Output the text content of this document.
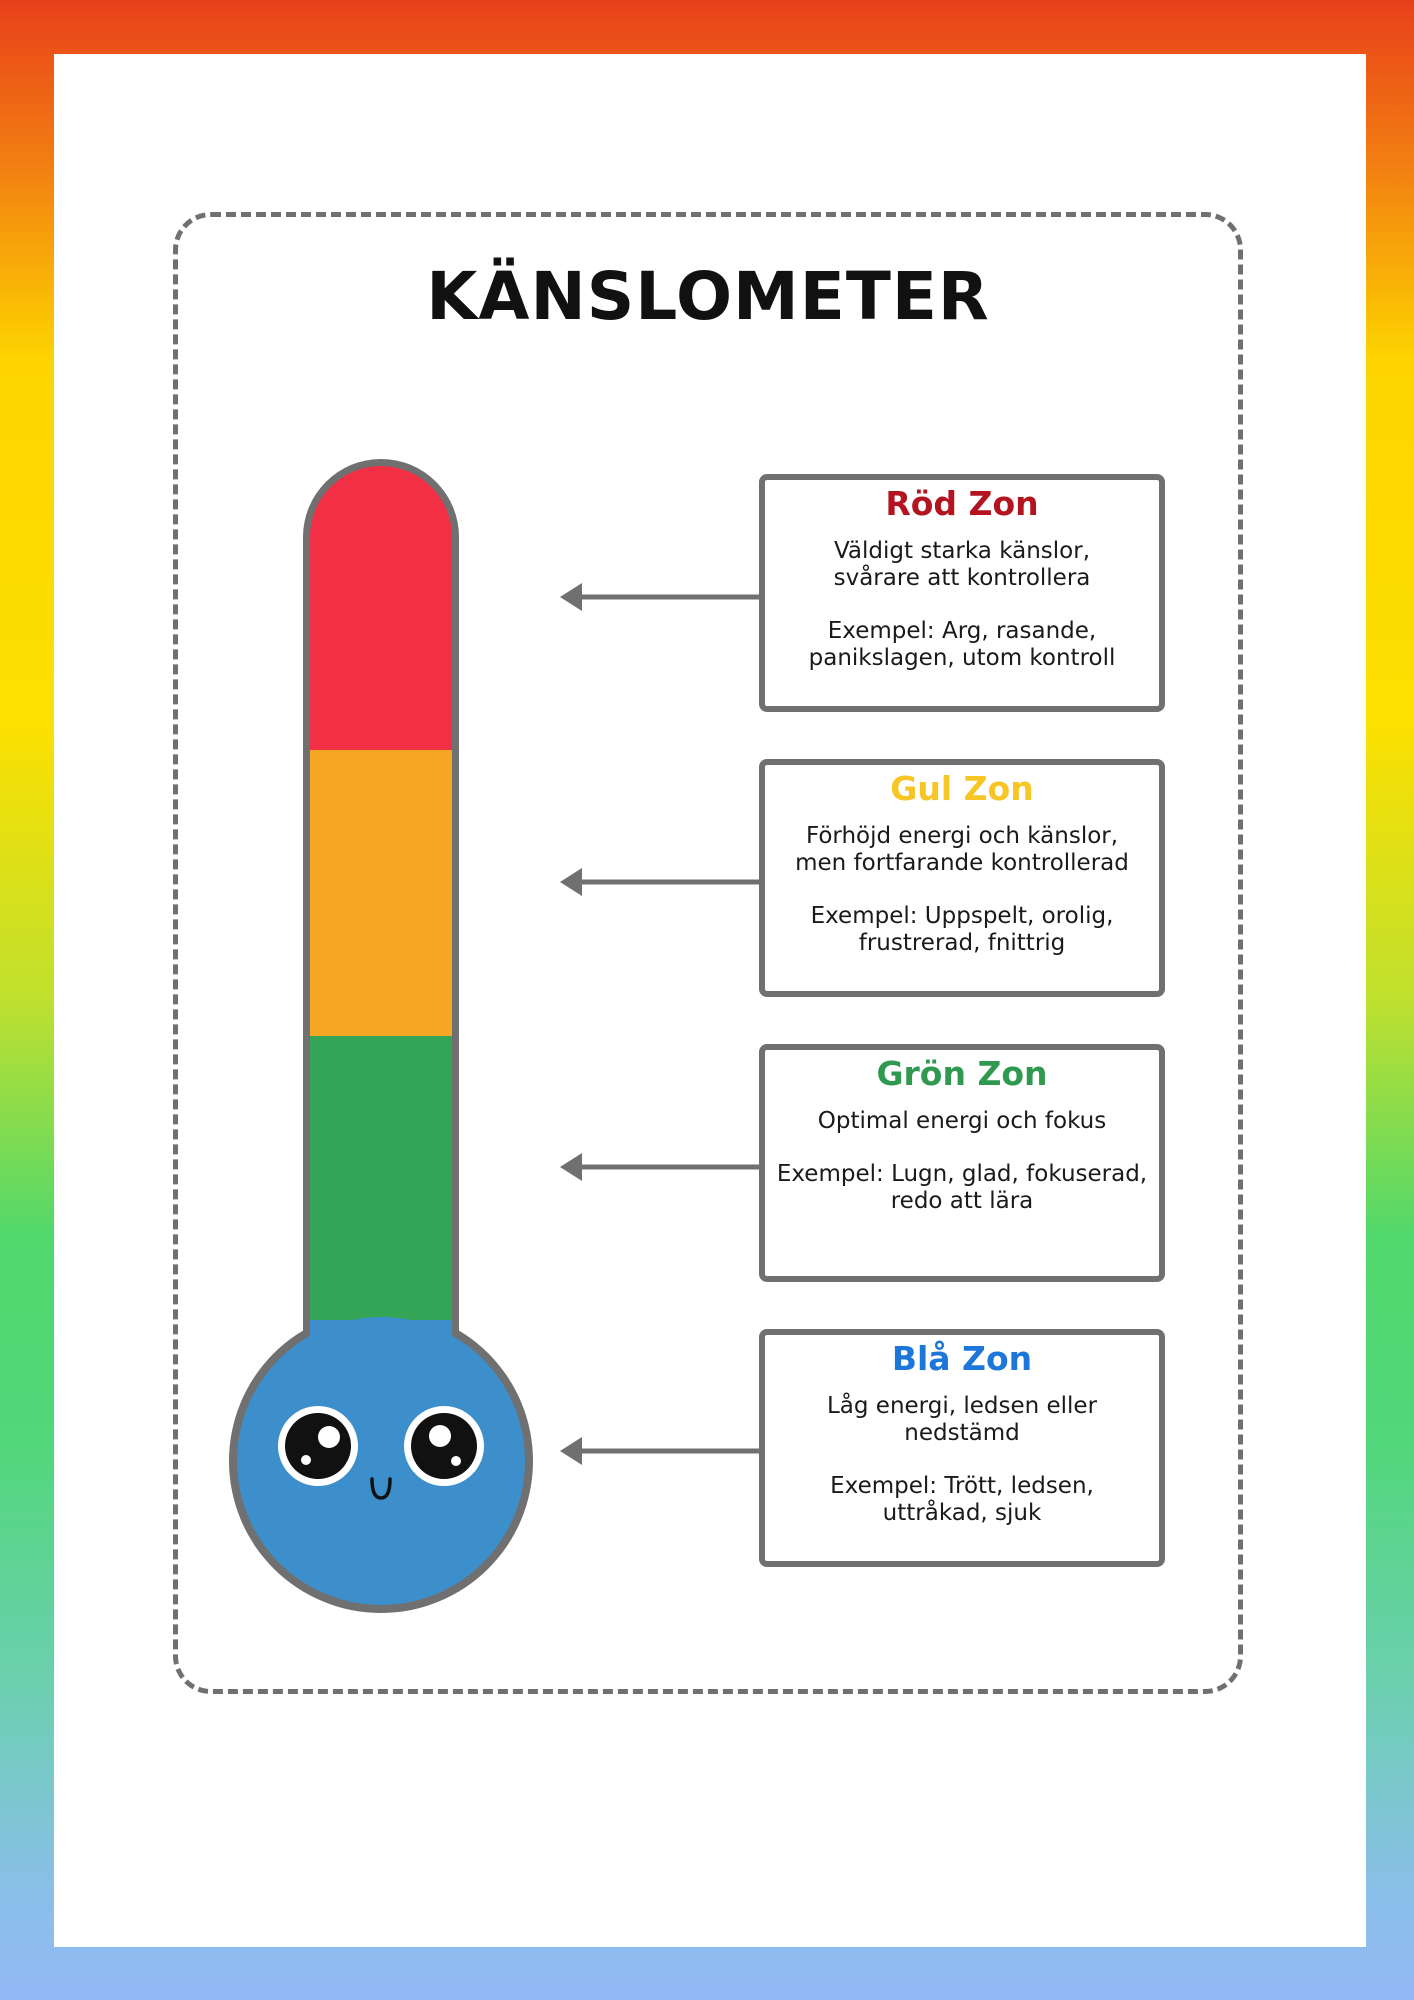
KÄNSLOMETER
Röd Zon
Väldigt starka känslor,
svårare att kontrollera
Exempel: Arg, rasande,
panikslagen, utom kontroll
Gul Zon
Förhöjd energi och känslor,
men fortfarande kontrollerad
Exempel: Uppspelt, orolig,
frustrerad, fnittrig
Grön Zon
Optimal energi och fokus
Exempel: Lugn, glad, fokuserad,
redo att lära
Blå Zon
Låg energi, ledsen eller
nedstämd
Exempel: Trött, ledsen,
uttråkad, sjuk
